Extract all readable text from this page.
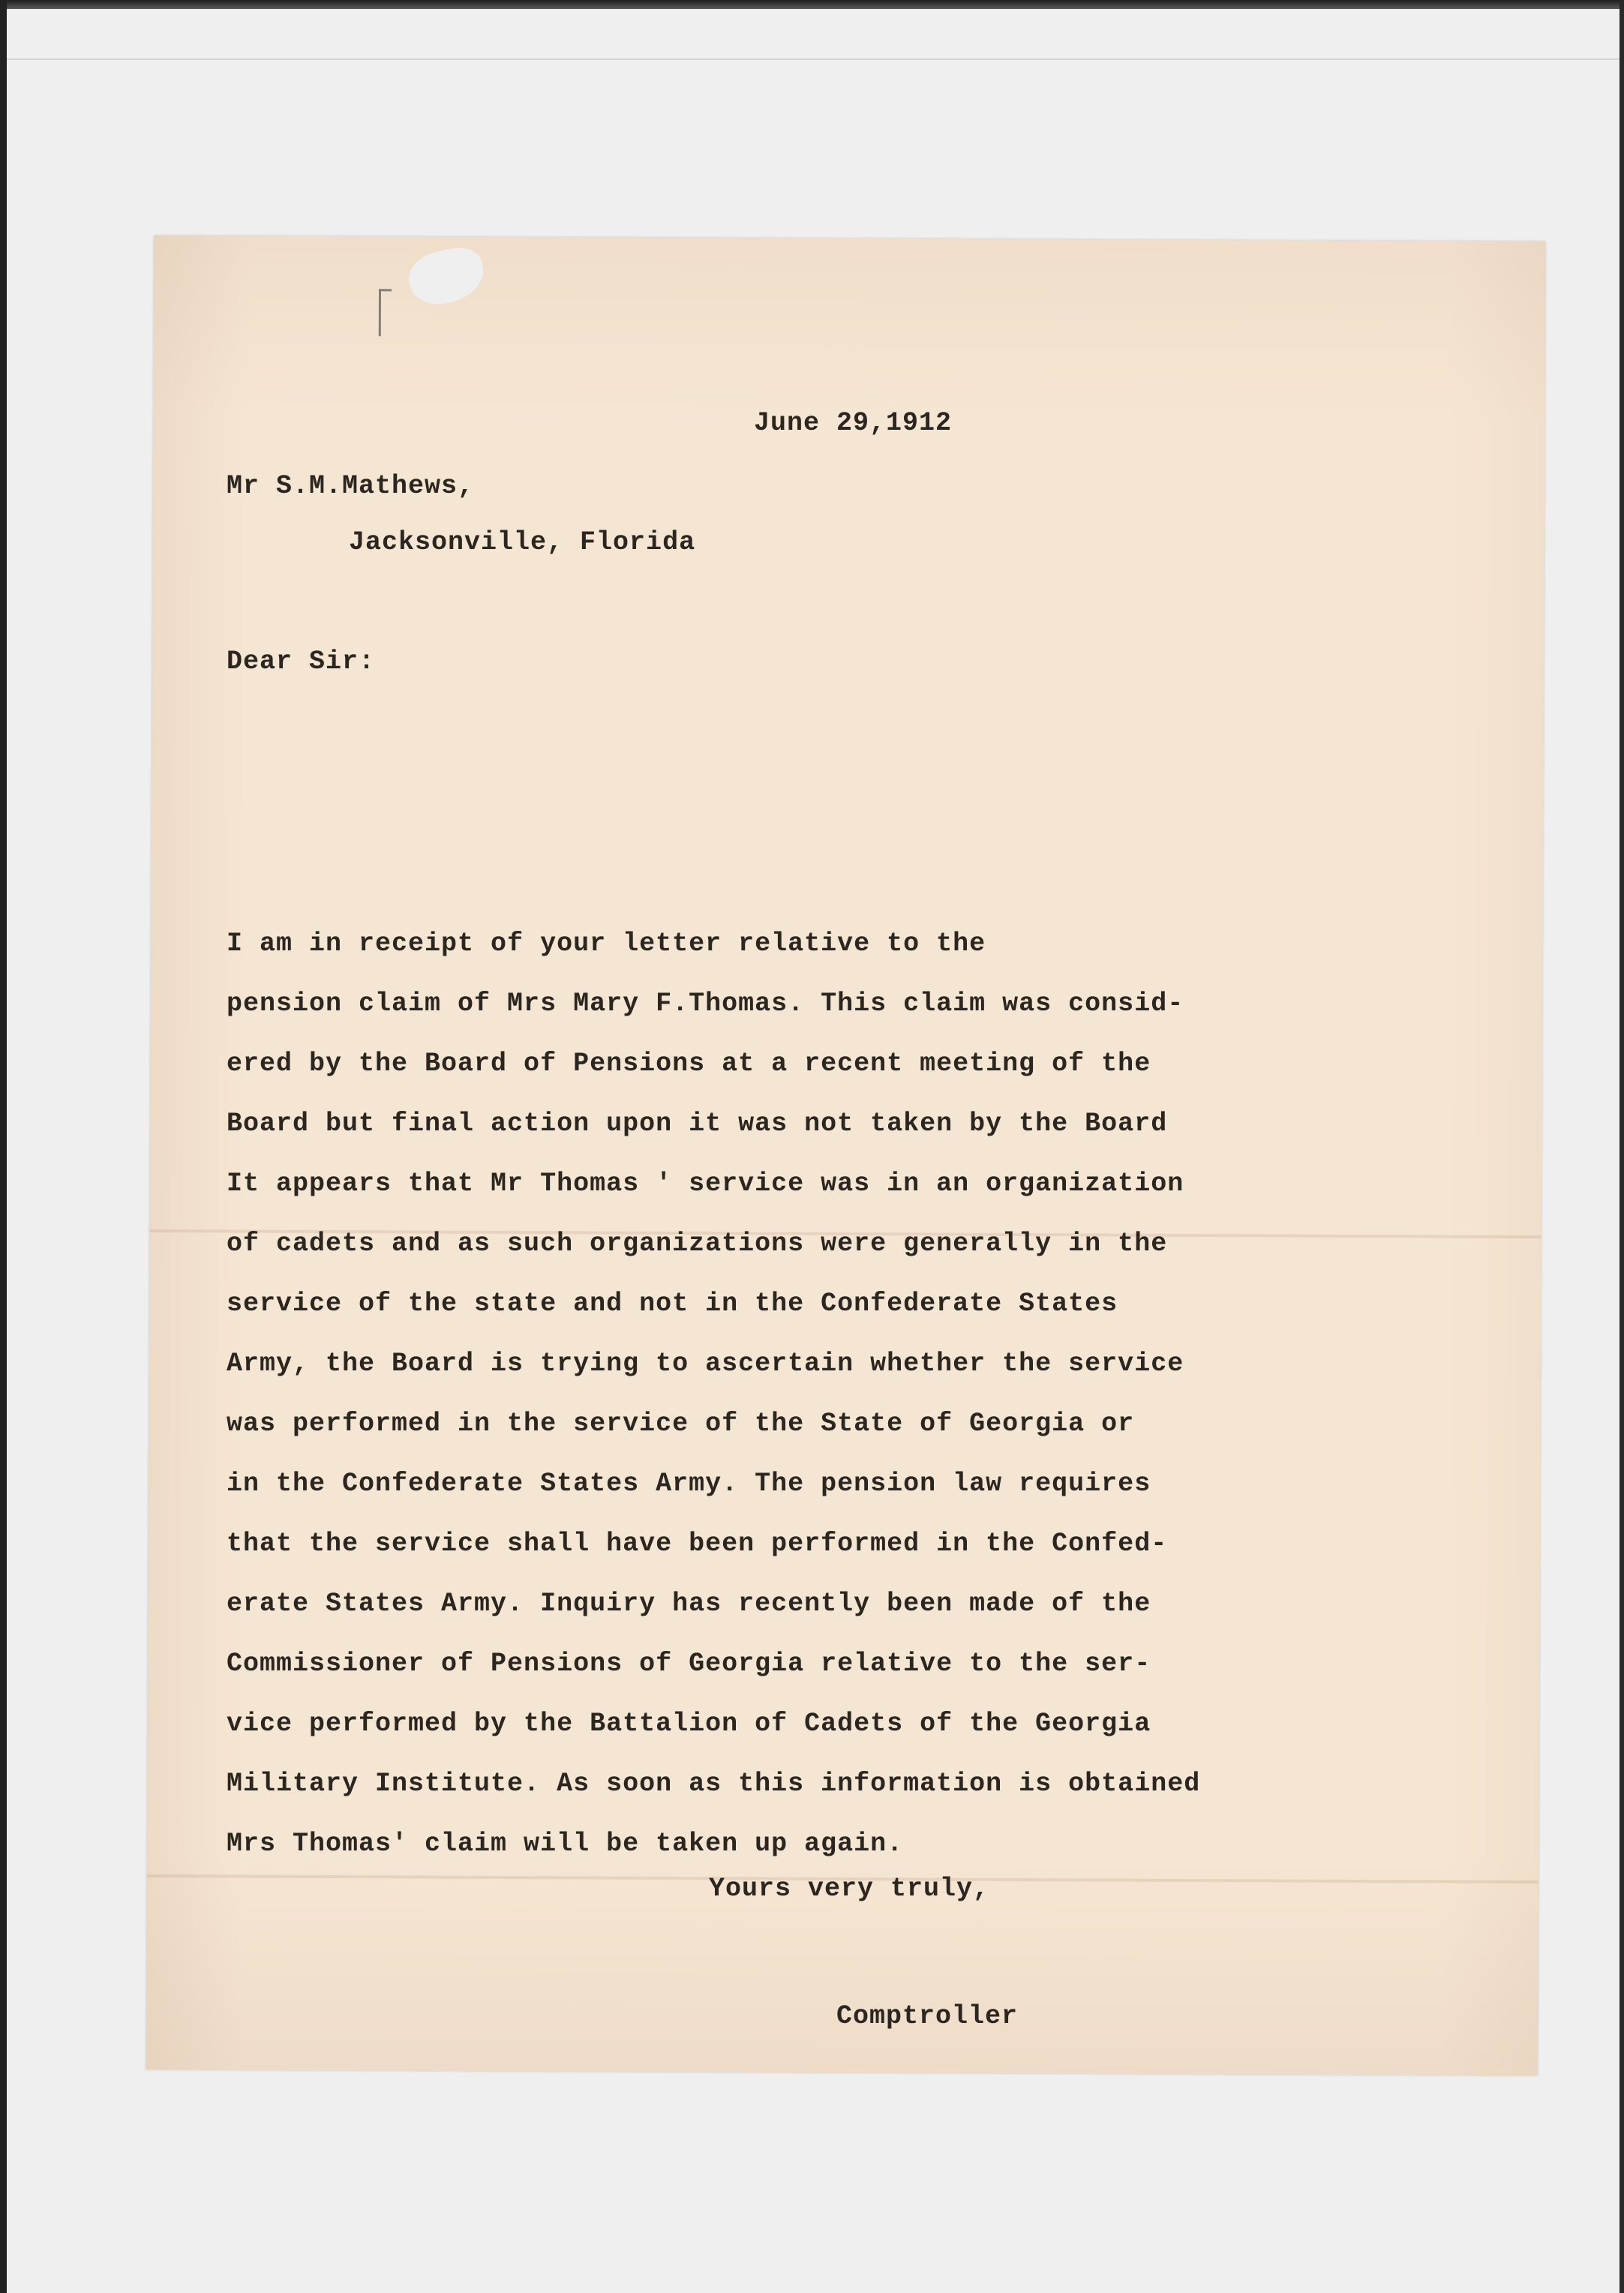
June 29,1912
Mr S.M.Mathews,
Jacksonville, Florida
Dear Sir:
I am in receipt of your letter relative to the
pension claim of Mrs Mary F.Thomas. This claim was consid-
ered by the Board of Pensions at a recent meeting of the
Board but final action upon it was not taken by the Board
It appears that Mr Thomas ' service was in an organization
of cadets and as such organizations were generally in the
service of the state and not in the Confederate States
Army, the Board is trying to ascertain whether the service
was performed in the service of the State of Georgia or
in the Confederate States Army. The pension law requires
that the service shall have been performed in the Confed-
erate States Army. Inquiry has recently been made of the
Commissioner of Pensions of Georgia relative to the ser-
vice performed by the Battalion of Cadets of the Georgia
Military Institute. As soon as this information is obtained
Mrs Thomas' claim will be taken up again.
Yours very truly,
Comptroller
